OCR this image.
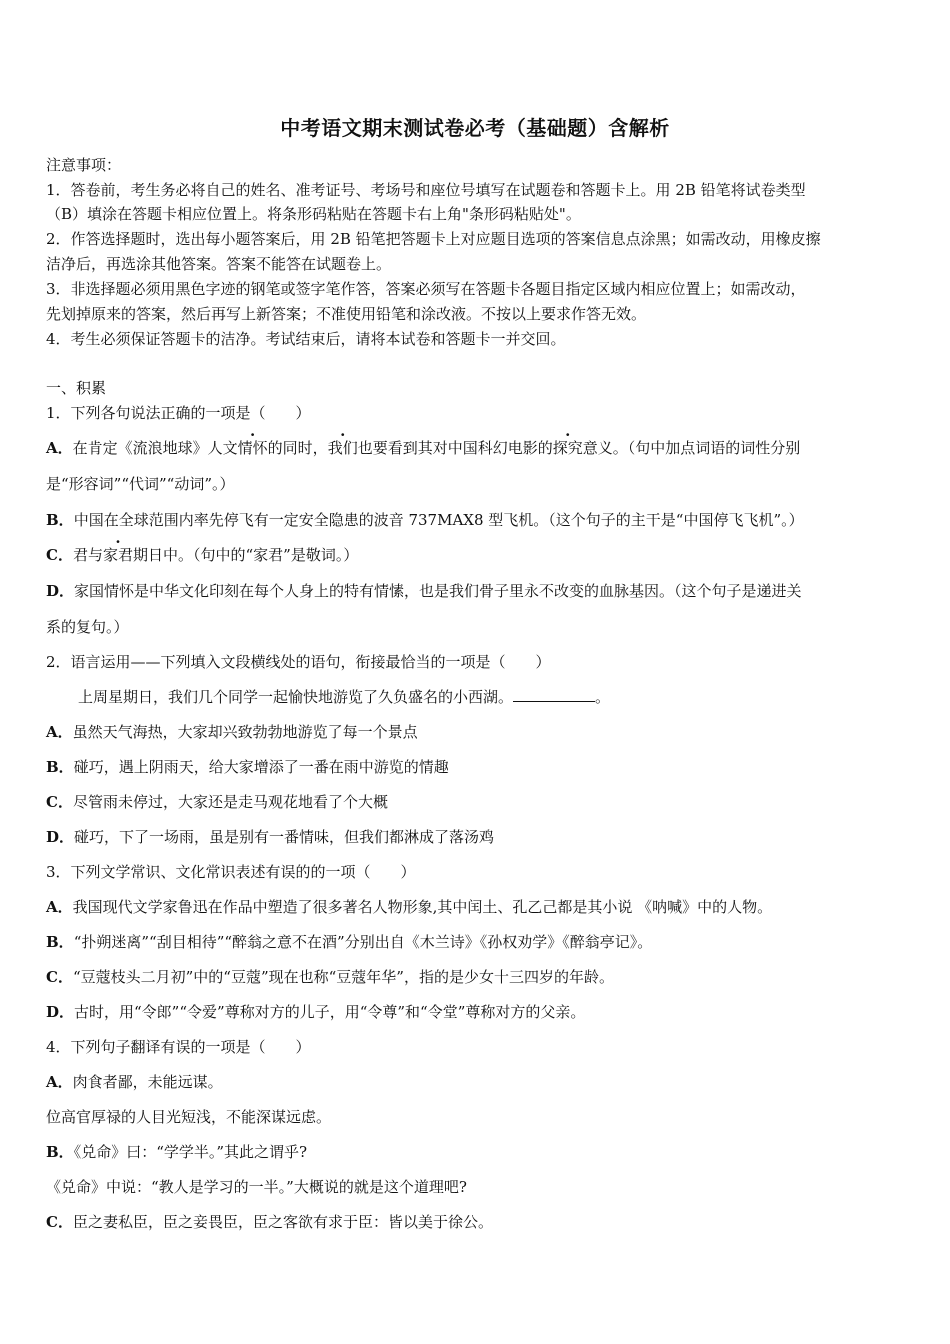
中考语文期末测试卷必考（基础题）含解析
注意事项：
1．答卷前，考生务必将自己的姓名、准考证号、考场号和座位号填写在试题卷和答题卡上。用 2B 铅笔将试卷类型
（B）填涂在答题卡相应位置上。将条形码粘贴在答题卡右上角"条形码粘贴处"。
2．作答选择题时，选出每小题答案后，用 2B 铅笔把答题卡上对应题目选项的答案信息点涂黑；如需改动，用橡皮擦
洁净后，再选涂其他答案。答案不能答在试题卷上。
3．非选择题必须用黑色字迹的钢笔或签字笔作答，答案必须写在答题卡各题目指定区域内相应位置上；如需改动，
先划掉原来的答案，然后再写上新答案；不准使用铅笔和涂改液。不按以上要求作答无效。
4．考生必须保证答题卡的洁净。考试结束后，请将本试卷和答题卡一并交回。
一、积累
1．下列各句说法正确的一项是（　　）
A．在肯定《流浪地球》人文情怀的同时，我们也要看到其对中国科幻电影的探究意义。（句中加点词语的词性分别
是“形容词”“代词”“动词”。）
B．中国在全球范围内率先停飞有一定安全隐患的波音 737MAX8 型飞机。（这个句子的主干是“中国停飞飞机”。）
C．君与家君期日中。（句中的“家君”是敬词。）
D．家国情怀是中华文化印刻在每个人身上的特有情愫，也是我们骨子里永不改变的血脉基因。（这个句子是递进关
系的复句。）
2．语言运用——下列填入文段横线处的语句，衔接最恰当的一项是（　　）
上周星期日，我们几个同学一起愉快地游览了久负盛名的小西湖。	。
A．虽然天气海热，大家却兴致勃勃地游览了每一个景点
B．碰巧，遇上阴雨天，给大家增添了一番在雨中游览的情趣
C．尽管雨未停过，大家还是走马观花地看了个大概
D．碰巧，下了一场雨，虽是别有一番情味，但我们都淋成了落汤鸡
3．下列文学常识、文化常识表述有误的的一项（　　）
A．我国现代文学家鲁迅在作品中塑造了很多著名人物形象,其中闰土、孔乙己都是其小说 《呐喊》中的人物。
B．“扑朔迷离”“刮目相待”“醉翁之意不在酒”分别出自《木兰诗》《孙权劝学》《醉翁亭记》。
C．“豆蔻枝头二月初”中的“豆蔻”现在也称“豆蔻年华”，指的是少女十三四岁的年龄。
D．古时，用“令郎”“令爱”尊称对方的儿子，用“令尊”和“令堂”尊称对方的父亲。
4．下列句子翻译有误的一项是（　　）
A．肉食者鄙，未能远谋。
位高官厚禄的人目光短浅，不能深谋远虑。
B．《兑命》曰：“学学半。”其此之谓乎?
《兑命》中说：“教人是学习的一半。”大概说的就是这个道理吧?
C．臣之妻私臣，臣之妾畏臣，臣之客欲有求于臣：皆以美于徐公。
